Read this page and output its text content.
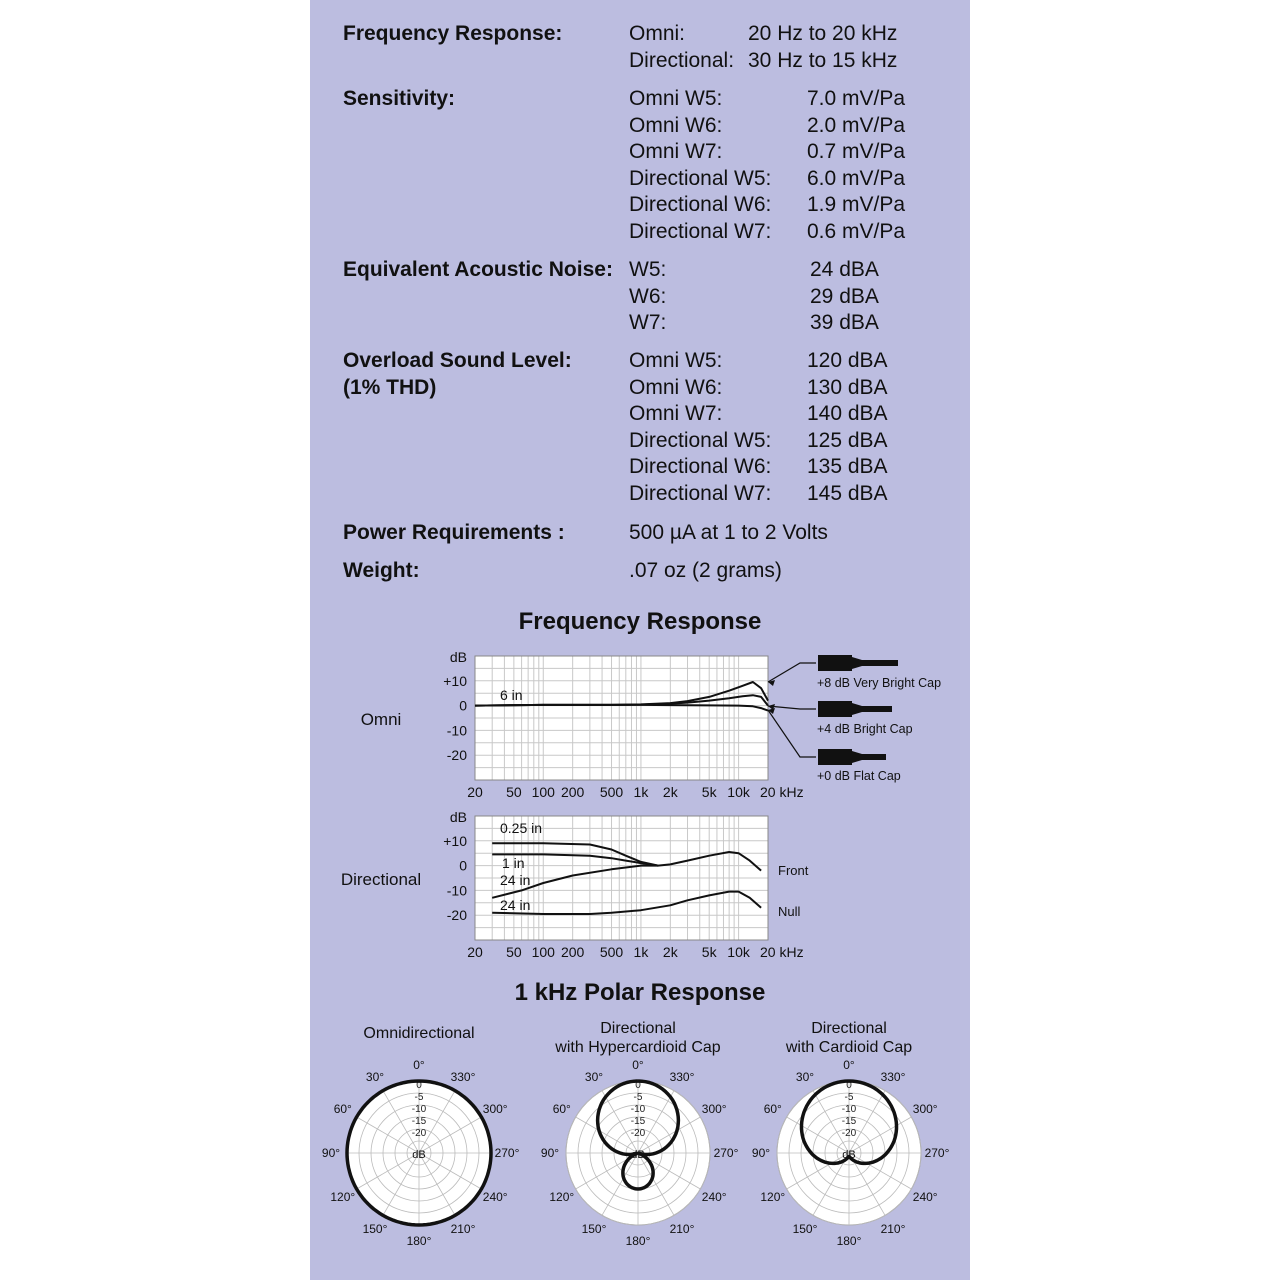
Frequency Response:	Omni:	20 Hz to 20 kHz
Directional: 30 Hz to 15 kHz
Sensitivity:	Omni W5:	7.0 mV/Pa
Omni W6:	2.0 mV/Pa
Omni W7:	0.7 mV/Pa
Directional W5: 6.0 mV/Pa
Directional W6: 1.9 mV/Pa
Directional W7: 0.6 mV/Pa
Equivalent Acoustic Noise: W5:	24 dBA
W6:	29 dBA
W7:	39 dBA
Overload Sound Level:
(1% THD)
Omni W5:	120 dBA
Omni W6:	130 dBA
Omni W7:	140 dBA
Directional W5: 125 dBA
Directional W6: 135 dBA
Directional W7: 145 dBA
Power Requirements :	500 µA at 1 to 2 Volts
Weight:	.07 oz (2 grams)
Frequency Response
1 kHz Polar Response
20 50 100 200 500 1k 2k 5k 10k 20 kHz
+10
0
-10
-20
dB
Omni
6 in
+8 dB Very Bright Cap
+4 dB Bright Cap
+0 dB Flat Cap
20 50 100 200 500 1k 2k 5k 10k 20 kHz
+10
0
-10
-20
dB
Directional
0.25 in
1 in
24 in
24 in
Front
Null
0
-5
-10
-15
-20
dB
0°
330°
300°
270°
240°
210°
180°
150°
120°
90°
60°
30°
Omnidirectional
0
-5
-10
-15
-20
dB
0°
330°
300°
270°
240°
210°
180°
150°
120°
90°
60°
30°
Directional
with Hypercardioid Cap
0
-5
-10
-15
-20
dB
0°
330°
300°
270°
240°
210°
180°
150°
120°
90°
60°
30°
Directional
with Cardioid Cap
